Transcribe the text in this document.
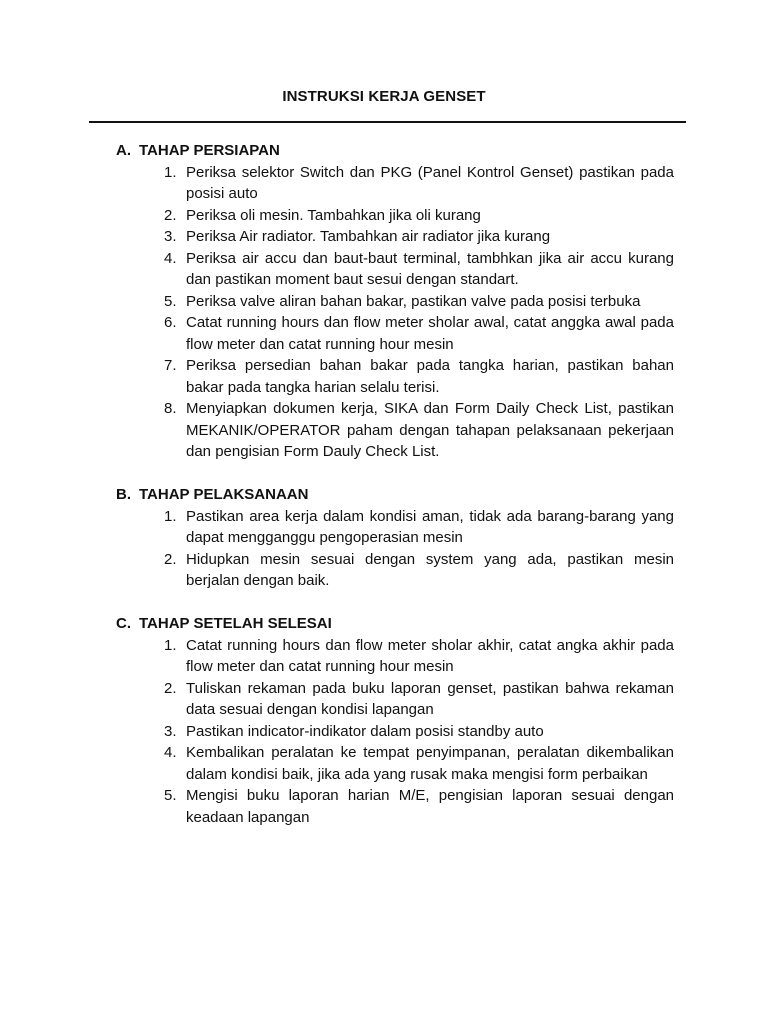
INSTRUKSI KERJA GENSET
A. TAHAP PERSIAPAN
1. Periksa selektor Switch dan PKG (Panel Kontrol Genset) pastikan pada posisi auto
2. Periksa oli mesin. Tambahkan jika oli kurang
3. Periksa Air radiator. Tambahkan air radiator jika kurang
4. Periksa air accu dan baut-baut terminal, tambhkan jika air accu kurang dan pastikan moment baut sesui dengan standart.
5. Periksa valve aliran bahan bakar, pastikan valve pada posisi terbuka
6. Catat running hours dan flow meter sholar awal, catat anggka awal pada flow meter dan catat running hour mesin
7. Periksa persedian bahan bakar pada tangka harian, pastikan bahan bakar pada tangka harian selalu terisi.
8. Menyiapkan dokumen kerja, SIKA dan Form Daily Check List, pastikan MEKANIK/OPERATOR paham dengan tahapan pelaksanaan pekerjaan dan pengisian Form Dauly Check List.
B. TAHAP PELAKSANAAN
1. Pastikan area kerja dalam kondisi aman, tidak ada barang-barang yang dapat mengganggu pengoperasian mesin
2. Hidupkan mesin sesuai dengan system yang ada, pastikan mesin berjalan dengan baik.
C. TAHAP SETELAH SELESAI
1. Catat running hours dan flow meter sholar akhir, catat angka akhir pada flow meter dan catat running hour mesin
2. Tuliskan rekaman pada buku laporan genset, pastikan bahwa rekaman data sesuai dengan kondisi lapangan
3. Pastikan indicator-indikator dalam posisi standby auto
4. Kembalikan peralatan ke tempat penyimpanan, peralatan dikembalikan dalam kondisi baik, jika ada yang rusak maka mengisi form perbaikan
5. Mengisi buku laporan harian M/E, pengisian laporan sesuai dengan keadaan lapangan
